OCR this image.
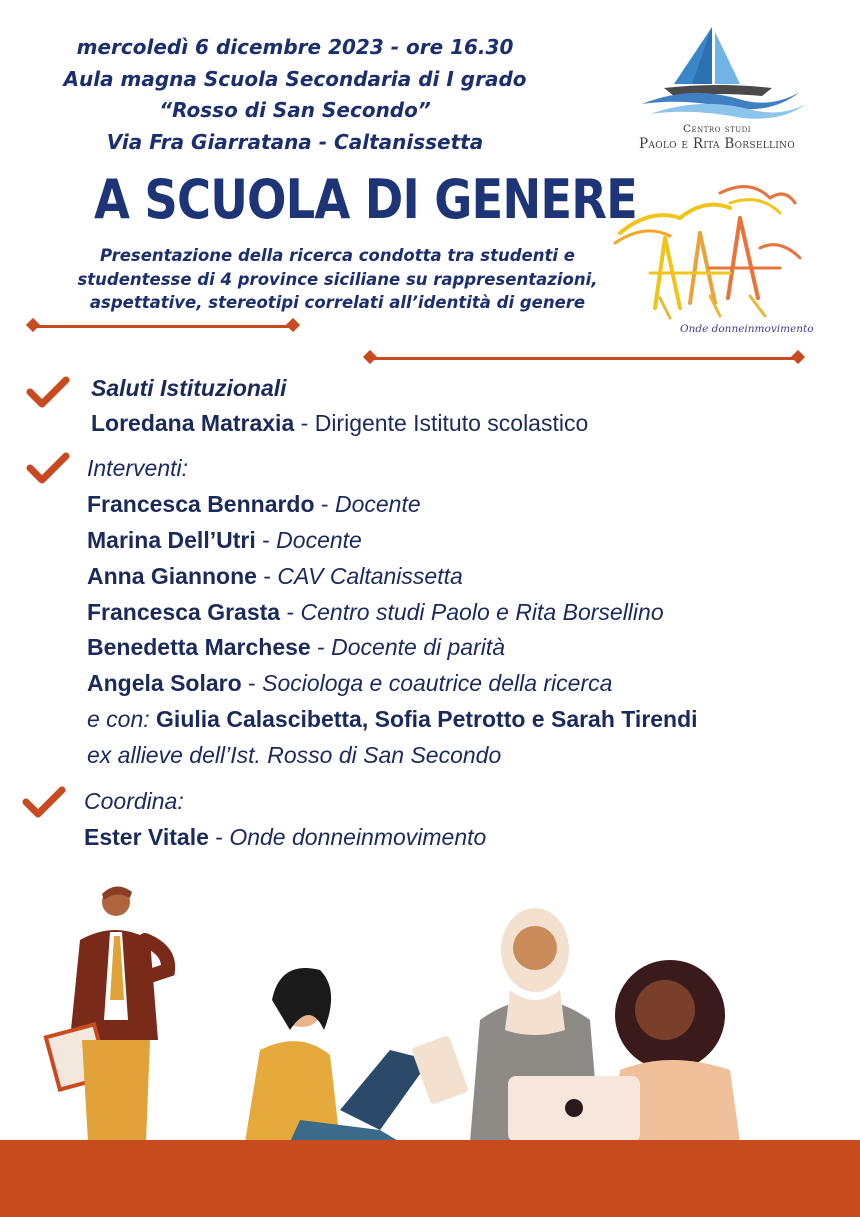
mercoledì 6 dicembre 2023 - ore 16.30
Aula magna Scuola Secondaria di I grado
“Rosso di San Secondo”
Via Fra Giarratana - Caltanissetta
Centro studi
Paolo e Rita Borsellino
A SCUOLA DI GENERE
Presentazione della ricerca condotta tra studenti e
studentesse di 4 province siciliane su rappresentazioni,
aspettative, stereotipi correlati all’identità di genere
Onde donneinmovimento
Saluti Istituzionali
Loredana Matraxia - Dirigente Istituto scolastico
Interventi:
Francesca Bennardo - Docente
Marina Dell’Utri - Docente
Anna Giannone - CAV Caltanissetta
Francesca Grasta - Centro studi Paolo e Rita Borsellino
Benedetta Marchese - Docente di parità
Angela Solaro - Sociologa e coautrice della ricerca
e con: Giulia Calascibetta, Sofia Petrotto e Sarah Tirendi
ex allieve dell’Ist. Rosso di San Secondo
Coordina:
Ester Vitale - Onde donneinmovimento
